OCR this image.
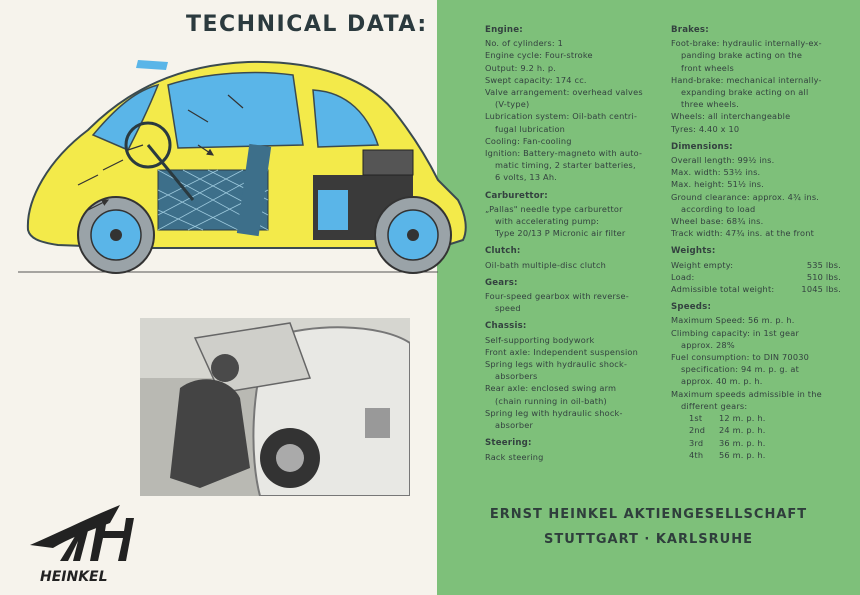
TECHNICAL DATA:
HEINKEL
Engine:
No. of cylinders: 1
Engine cycle: Four-stroke
Output: 9.2 h. p.
Swept capacity: 174 cc.
Valve arrangement: overhead valves
(V-type)
Lubrication system: Oil-bath centri-
fugal lubrication
Cooling: Fan-cooling
Ignition: Battery-magneto with auto-
matic timing, 2 starter batteries,
6 volts, 13 Ah.
Carburettor:
„Pallas" needle type carburettor
with accelerating pump:
Type 20/13 P Micronic air filter
Clutch:
Oil-bath multiple-disc clutch
Gears:
Four-speed gearbox with reverse-
speed
Chassis:
Self-supporting bodywork
Front axle: Independent suspension
Spring legs with hydraulic shock-
absorbers
Rear axle: enclosed swing arm
(chain running in oil-bath)
Spring leg with hydraulic shock-
absorber
Steering:
Rack steering
Brakes:
Foot-brake: hydraulic internally-ex-
panding brake acting on the
front wheels
Hand-brake: mechanical internally-
expanding brake acting on all
three wheels.
Wheels: all interchangeable
Tyres: 4.40 x 10
Dimensions:
Overall length: 99½ ins.
Max. width: 53½ ins.
Max. height: 51½ ins.
Ground clearance: approx. 4¾ ins.
according to load
Wheel base: 68¾ ins.
Track width: 47¾ ins. at the front
Weights:
Weight empty:	535 lbs.
Load:	510 lbs.
Admissible total weight:	1045 lbs.
Speeds:
Maximum Speed: 56 m. p. h.
Climbing capacity: in 1st gear
approx. 28%
Fuel consumption: to DIN 70030
specification: 94 m. p. g. at
approx. 40 m. p. h.
Maximum speeds admissible in the
different gears:
1st	12 m. p. h.
2nd	24 m. p. h.
3rd	36 m. p. h.
4th	56 m. p. h.
ERNST HEINKEL AKTIENGESELLSCHAFT
STUTTGART · KARLSRUHE
